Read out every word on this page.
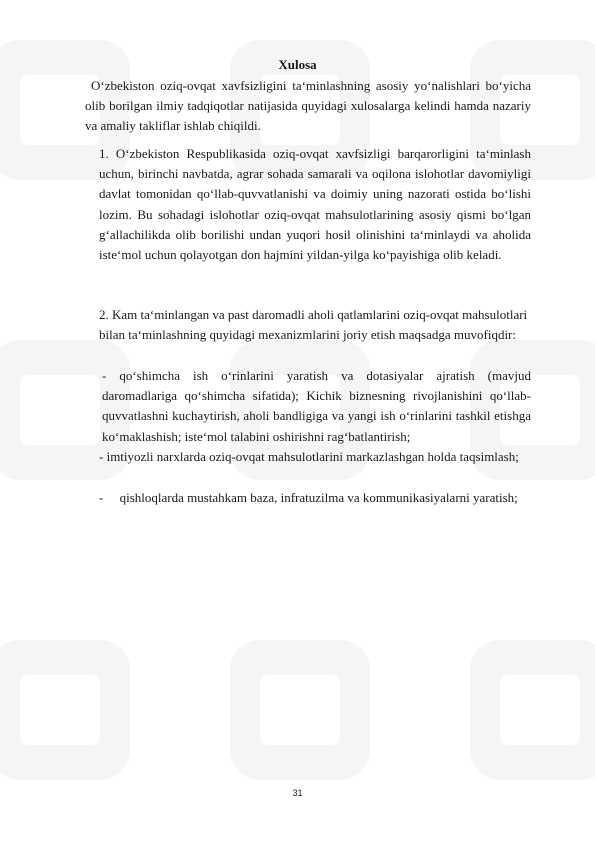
Xulosa
O‘zbekiston oziq-ovqat xavfsizligini ta‘minlashning asosiy yo‘nalishlari bo‘yicha olib borilgan ilmiy tadqiqotlar natijasida quyidagi xulosalarga kelindi hamda nazariy va amaliy takliflar ishlab chiqildi.
1. O‘zbekiston Respublikasida oziq-ovqat xavfsizligi barqarorligini ta‘minlash uchun, birinchi navbatda, agrar sohada samarali va oqilona islohotlar davomiyligi davlat tomonidan qo‘llab-quvvatlanishi va doimiy uning nazorati ostida bo‘lishi lozim. Bu sohadagi islohotlar oziq-ovqat mahsulotlarining asosiy qismi bo‘lgan g‘allachilikda olib borilishi undan yuqori hosil olinishini ta‘minlaydi va aholida iste‘mol uchun qolayotgan don hajmini yildan-yilga ko‘payishiga olib keladi.
2. Kam ta‘minlangan va past daromadli aholi qatlamlarini oziq-ovqat mahsulotlari bilan ta‘minlashning quyidagi mexanizmlarini joriy etish maqsadga muvofiqdir:
- qo‘shimcha ish o‘rinlarini yaratish va dotasiyalar ajratish (mavjud daromadlariga qo‘shimcha sifatida); Kichik biznesning rivojlanishini qo‘llab-quvvatlashni kuchaytirish, aholi bandligiga va yangi ish o‘rinlarini tashkil etishga ko‘maklashish; iste‘mol talabini oshirishni rag‘batlantirish;
- imtiyozli narxlarda oziq-ovqat mahsulotlarini markazlashgan holda taqsimlash;
-     qishloqlarda mustahkam baza, infratuzilma va kommunikasiyalarni yaratish;
31
